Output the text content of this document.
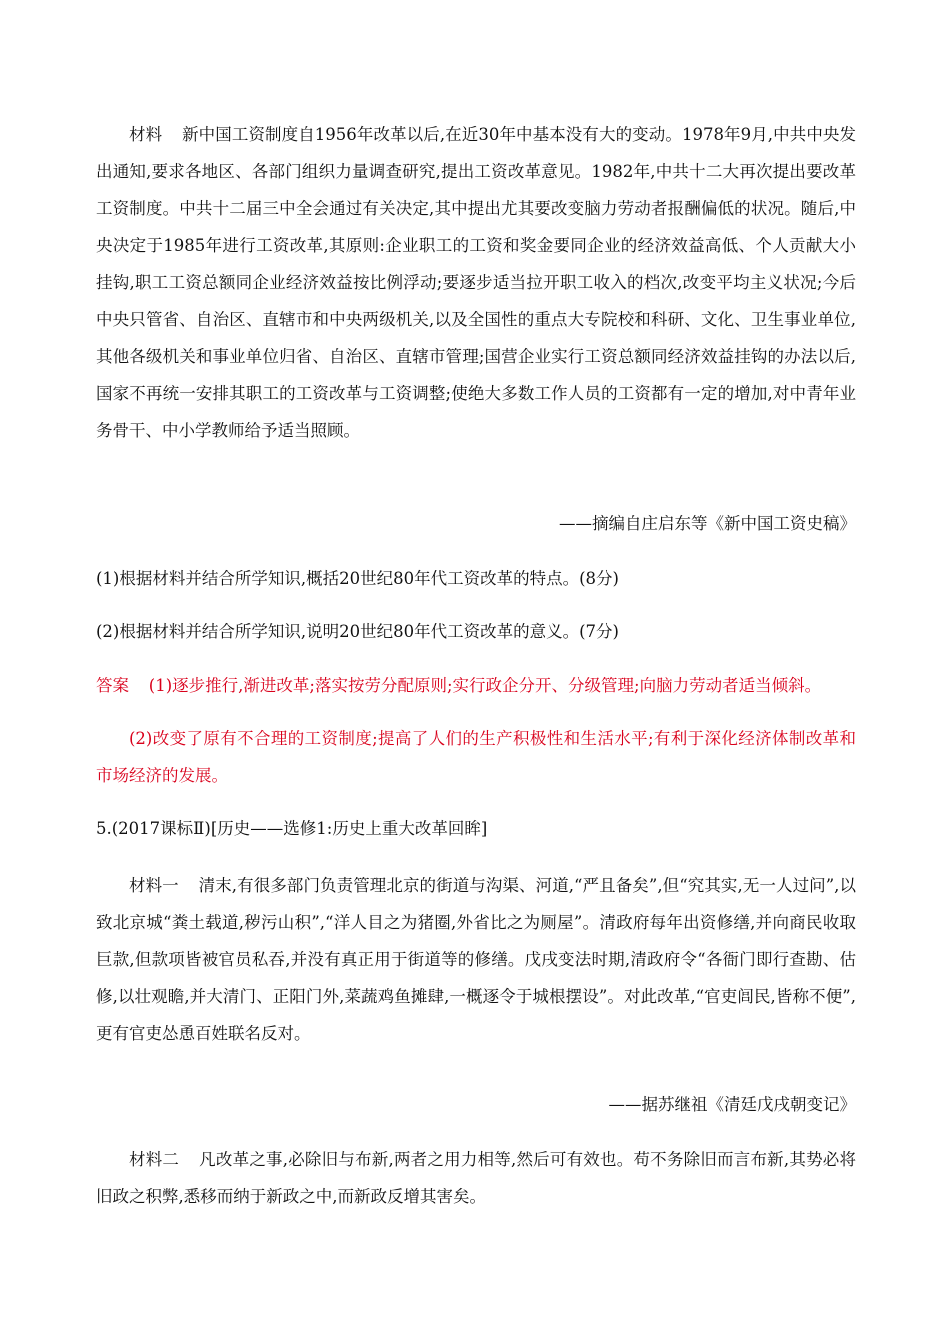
材料 新中国工资制度自1956年改革以后,在近30年中基本没有大的变动。1978年9月,中共中央发出通知,要求各地区、各部门组织力量调查研究,提出工资改革意见。1982年,中共十二大再次提出要改革工资制度。中共十二届三中全会通过有关决定,其中提出尤其要改变脑力劳动者报酬偏低的状况。随后,中央决定于1985年进行工资改革,其原则:企业职工的工资和奖金要同企业的经济效益高低、个人贡献大小挂钩,职工工资总额同企业经济效益按比例浮动;要逐步适当拉开职工收入的档次,改变平均主义状况;今后中央只管省、自治区、直辖市和中央两级机关,以及全国性的重点大专院校和科研、文化、卫生事业单位,其他各级机关和事业单位归省、自治区、直辖市管理;国营企业实行工资总额同经济效益挂钩的办法以后,国家不再统一安排其职工的工资改革与工资调整;使绝大多数工作人员的工资都有一定的增加,对中青年业务骨干、中小学教师给予适当照顾。
——摘编自庄启东等《新中国工资史稿》
(1)根据材料并结合所学知识,概括20世纪80年代工资改革的特点。(8分)
(2)根据材料并结合所学知识,说明20世纪80年代工资改革的意义。(7分)
答案 (1)逐步推行,渐进改革;落实按劳分配原则;实行政企分开、分级管理;向脑力劳动者适当倾斜。
(2)改变了原有不合理的工资制度;提高了人们的生产积极性和生活水平;有利于深化经济体制改革和市场经济的发展。
5.(2017课标Ⅱ)[历史——选修1:历史上重大改革回眸]
材料一 清末,有很多部门负责管理北京的街道与沟渠、河道,“严且备矣”,但“究其实,无一人过问”,以致北京城“粪土载道,秽污山积”,“洋人目之为猪圈,外省比之为厕屋”。清政府每年出资修缮,并向商民收取巨款,但款项皆被官员私吞,并没有真正用于街道等的修缮。戊戌变法时期,清政府令“各衙门即行查勘、估修,以壮观瞻,并大清门、正阳门外,菜蔬鸡鱼摊肆,一概逐令于城根摆设”。对此改革,“官吏闾民,皆称不便”,更有官吏怂恿百姓联名反对。
——据苏继祖《清廷戊戌朝变记》
材料二 凡改革之事,必除旧与布新,两者之用力相等,然后可有效也。苟不务除旧而言布新,其势必将旧政之积弊,悉移而纳于新政之中,而新政反增其害矣。
